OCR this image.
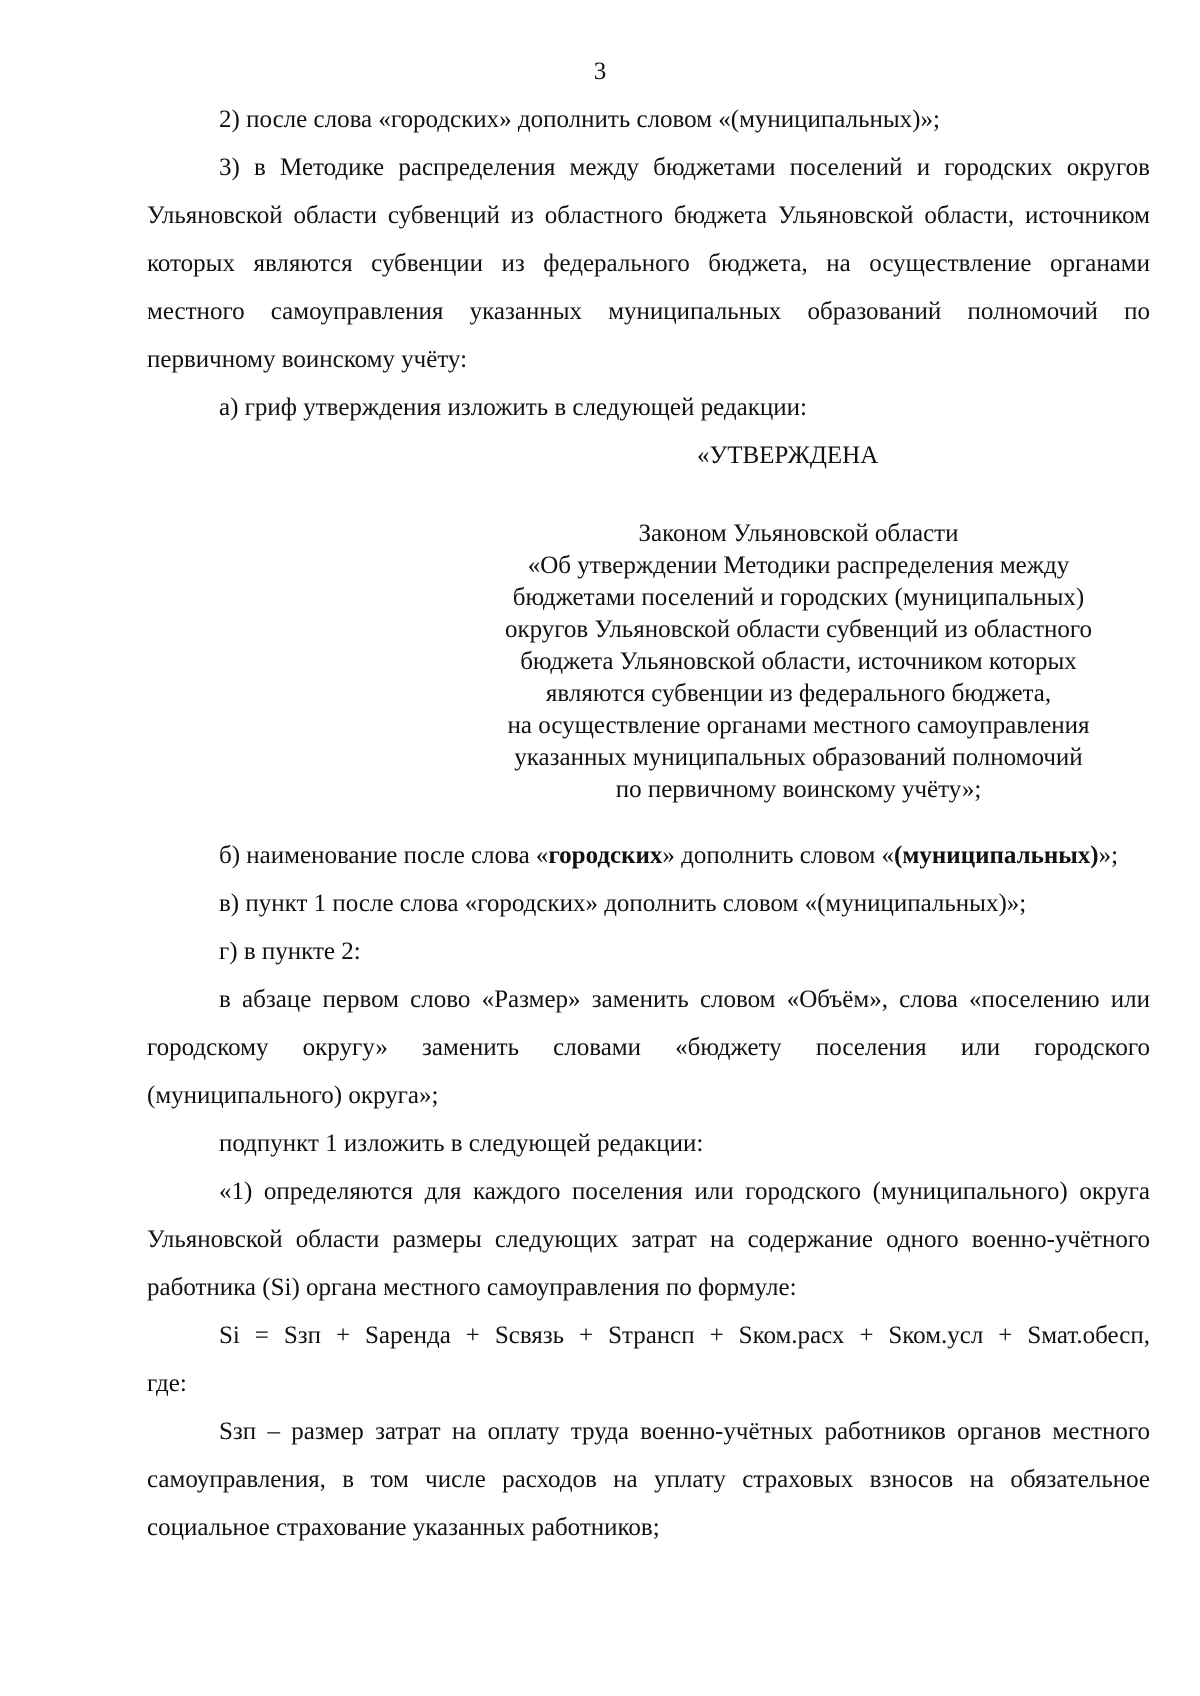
3

2) после слова «городских» дополнить словом «(муниципальных)»;

3) в Методике распределения между бюджетами поселений и городских округов Ульяновской области субвенций из областного бюджета Ульяновской области, источником которых являются субвенции из федерального бюджета, на осуществление органами местного самоуправления указанных муниципальных образований полномочий по первичному воинскому учёту:

а) гриф утверждения изложить в следующей редакции:

«УТВЕРЖДЕНА

Законом Ульяновской области
«Об утверждении Методики распределения между
бюджетами поселений и городских (муниципальных)
округов Ульяновской области субвенций из областного
бюджета Ульяновской области, источником которых
являются субвенции из федерального бюджета,
на осуществление органами местного самоуправления
указанных муниципальных образований полномочий
по первичному воинскому учёту»;

б) наименование после слова «городских» дополнить словом «(муниципальных)»;

в) пункт 1 после слова «городских» дополнить словом «(муниципальных)»;

г) в пункте 2:

в абзаце первом слово «Размер» заменить словом «Объём», слова «поселению или городскому округу» заменить словами «бюджету поселения или городского (муниципального) округа»;

подпункт 1 изложить в следующей редакции:

«1) определяются для каждого поселения или городского (муниципального) округа Ульяновской области размеры следующих затрат на содержание одного военно-учётного работника (Si) органа местного самоуправления по формуле:

Si = Sзп + Sаренда + Sсвязь + Sтрансп + Sком.расх + Sком.усл + Sмат.обесп,

где:

Sзп – размер затрат на оплату труда военно-учётных работников органов местного самоуправления, в том числе расходов на уплату страховых взносов на обязательное социальное страхование указанных работников;
